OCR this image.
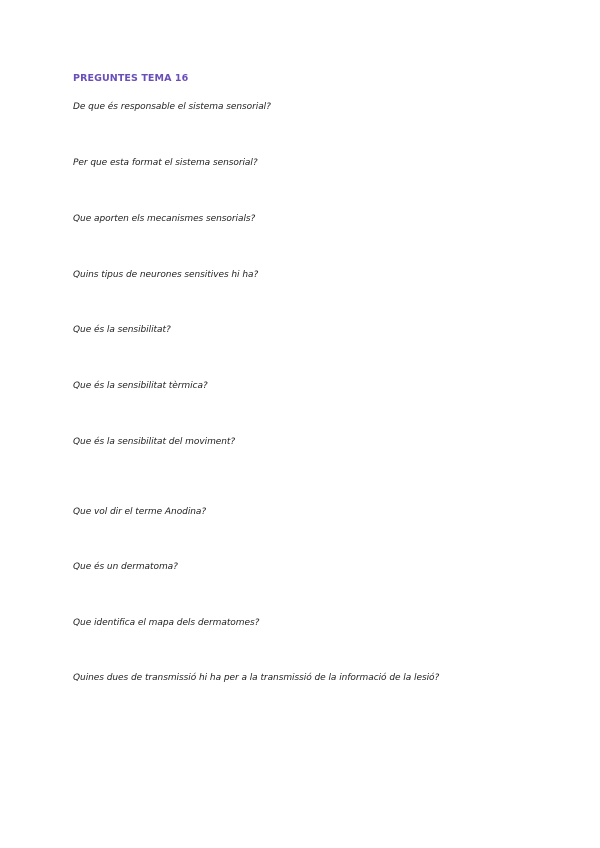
PREGUNTES TEMA 16
De que és responsable el sistema sensorial?
Per que esta format el sistema sensorial?
Que aporten els mecanismes sensorials?
Quins tipus de neurones sensitives hi ha?
Que és la sensibilitat?
Que és la sensibilitat tèrmica?
Que és la sensibilitat del moviment?
Que vol dir el terme Anodina?
Que és un dermatoma?
Que identifica el mapa dels dermatomes?
Quines dues de transmissió hi ha per a la transmissió de la informació de la lesió?
